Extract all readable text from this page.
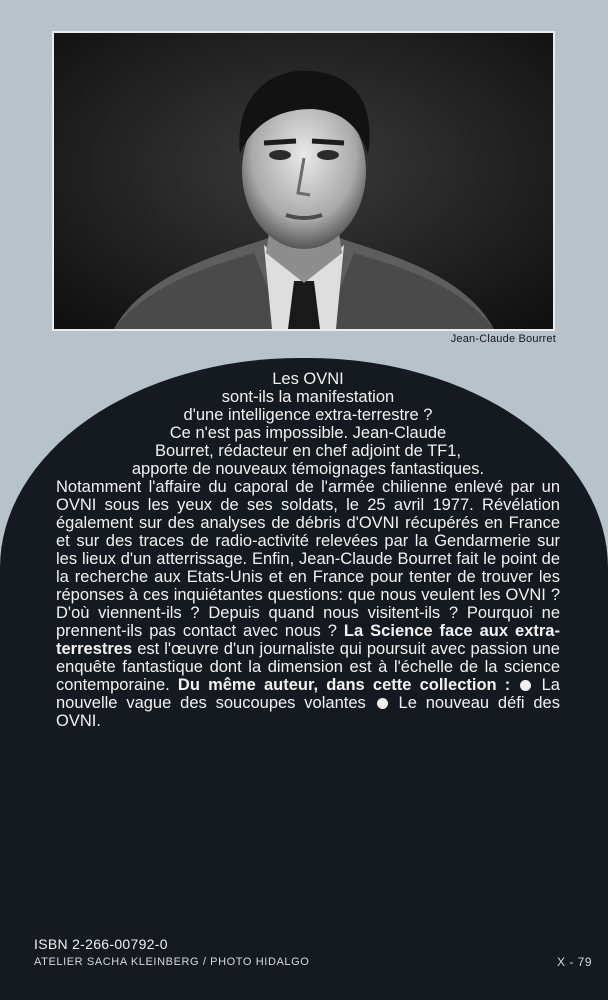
Jean-Claude Bourret

Les OVNI
sont-ils la manifestation
d'une intelligence extra-terrestre ?
Ce n'est pas impossible. Jean-Claude
Bourret, rédacteur en chef adjoint de TF1,
apporte de nouveaux témoignages fantastiques.
Notamment l'affaire du caporal de l'armée chilienne enlevé par un OVNI sous les yeux de ses soldats, le 25 avril 1977. Révélation également sur des analyses de débris d'OVNI récupérés en France et sur des traces de radio-activité relevées par la Gendarmerie sur les lieux d'un atterrissage. Enfin, Jean-Claude Bourret fait le point de la recherche aux Etats-Unis et en France pour tenter de trouver les réponses à ces inquiétantes questions: que nous veulent les OVNI ? D'où viennent-ils ? Depuis quand nous visitent-ils ? Pourquoi ne prennent-ils pas contact avec nous ? La Science face aux extra-terrestres est l'œuvre d'un journaliste qui poursuit avec passion une enquête fantastique dont la dimension est à l'échelle de la science contemporaine. Du même auteur, dans cette collection : La nouvelle vague des soucoupes volantes Le nouveau défi des OVNI.

ISBN 2-266-00792-0
ATELIER SACHA KLEINBERG / PHOTO HIDALGO	X - 79
